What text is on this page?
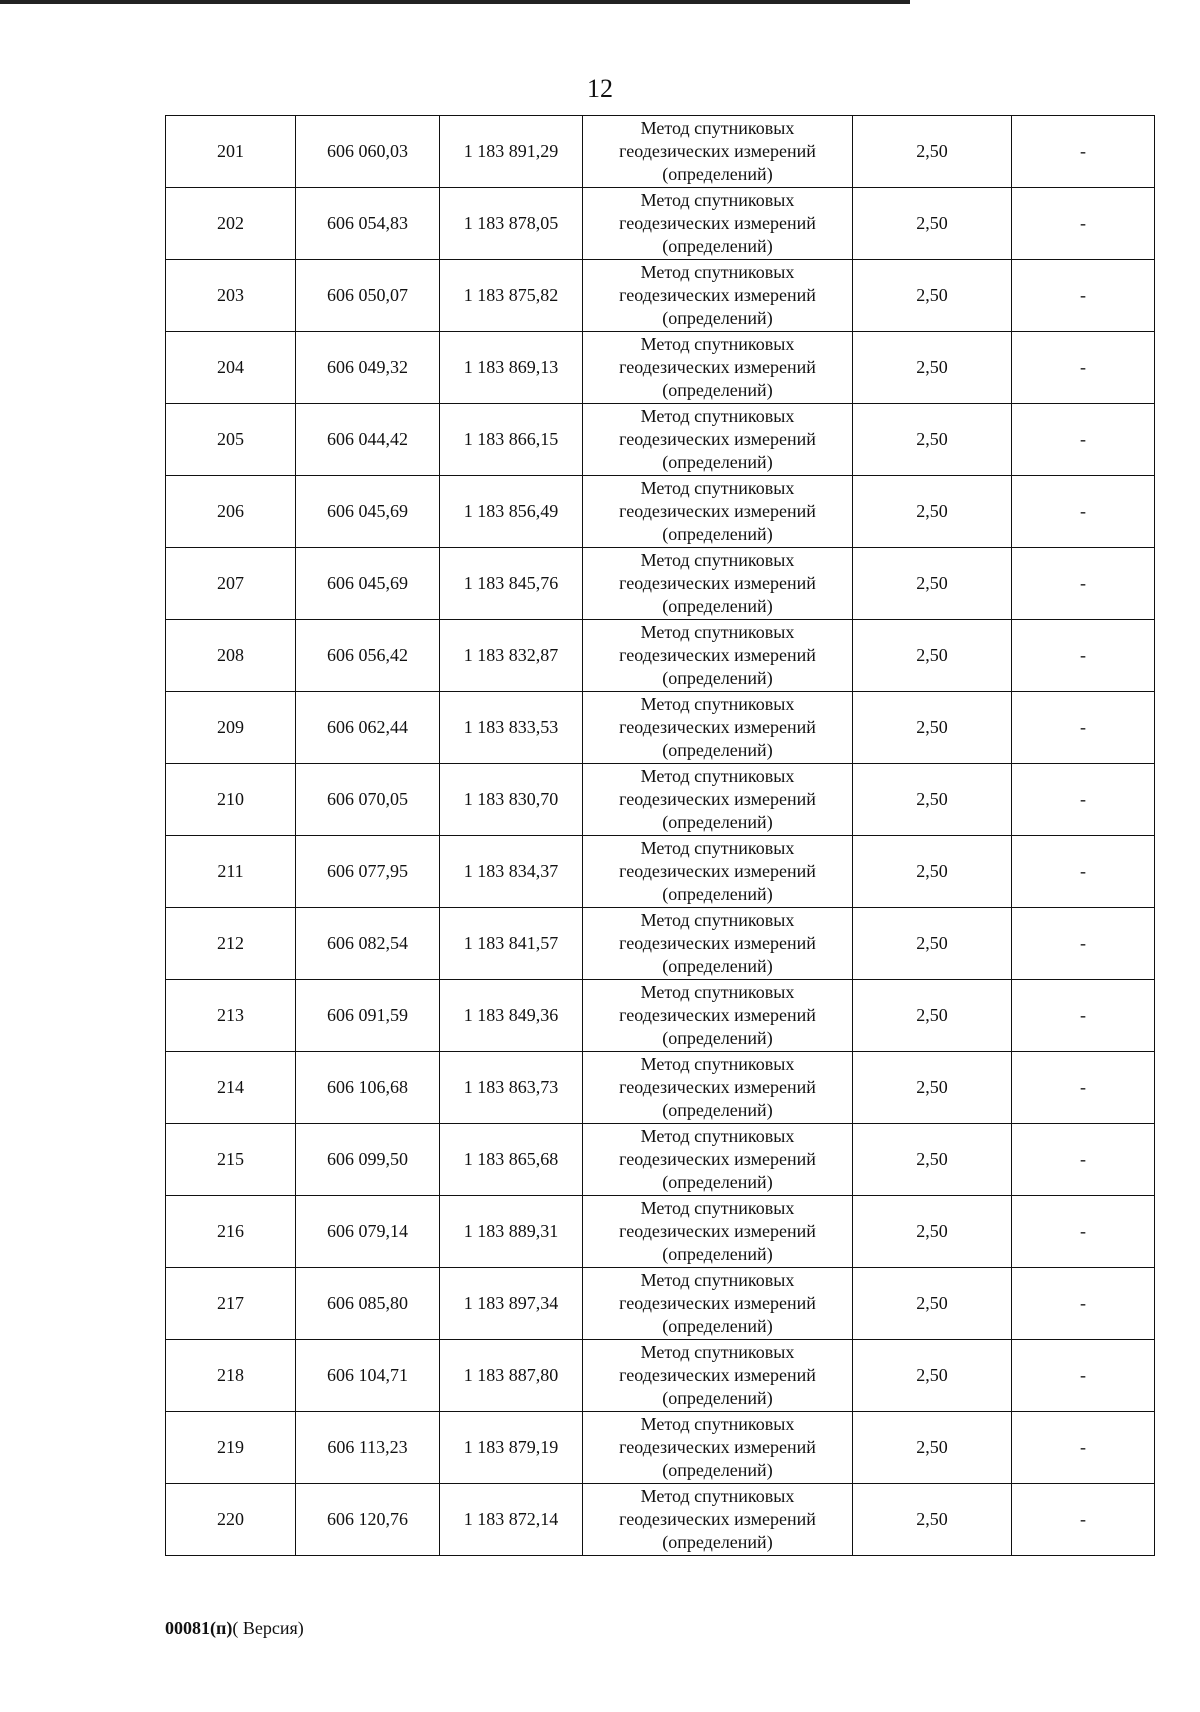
12
201	606 060,03	1 183 891,29	Метод спутниковых
геодезических измерений
(определений)	2,50	-
202	606 054,83	1 183 878,05	Метод спутниковых
геодезических измерений
(определений)	2,50	-
203	606 050,07	1 183 875,82	Метод спутниковых
геодезических измерений
(определений)	2,50	-
204	606 049,32	1 183 869,13	Метод спутниковых
геодезических измерений
(определений)	2,50	-
205	606 044,42	1 183 866,15	Метод спутниковых
геодезических измерений
(определений)	2,50	-
206	606 045,69	1 183 856,49	Метод спутниковых
геодезических измерений
(определений)	2,50	-
207	606 045,69	1 183 845,76	Метод спутниковых
геодезических измерений
(определений)	2,50	-
208	606 056,42	1 183 832,87	Метод спутниковых
геодезических измерений
(определений)	2,50	-
209	606 062,44	1 183 833,53	Метод спутниковых
геодезических измерений
(определений)	2,50	-
210	606 070,05	1 183 830,70	Метод спутниковых
геодезических измерений
(определений)	2,50	-
211	606 077,95	1 183 834,37	Метод спутниковых
геодезических измерений
(определений)	2,50	-
212	606 082,54	1 183 841,57	Метод спутниковых
геодезических измерений
(определений)	2,50	-
213	606 091,59	1 183 849,36	Метод спутниковых
геодезических измерений
(определений)	2,50	-
214	606 106,68	1 183 863,73	Метод спутниковых
геодезических измерений
(определений)	2,50	-
215	606 099,50	1 183 865,68	Метод спутниковых
геодезических измерений
(определений)	2,50	-
216	606 079,14	1 183 889,31	Метод спутниковых
геодезических измерений
(определений)	2,50	-
217	606 085,80	1 183 897,34	Метод спутниковых
геодезических измерений
(определений)	2,50	-
218	606 104,71	1 183 887,80	Метод спутниковых
геодезических измерений
(определений)	2,50	-
219	606 113,23	1 183 879,19	Метод спутниковых
геодезических измерений
(определений)	2,50	-
220	606 120,76	1 183 872,14	Метод спутниковых
геодезических измерений
(определений)	2,50	-
00081(п)( Версия)
